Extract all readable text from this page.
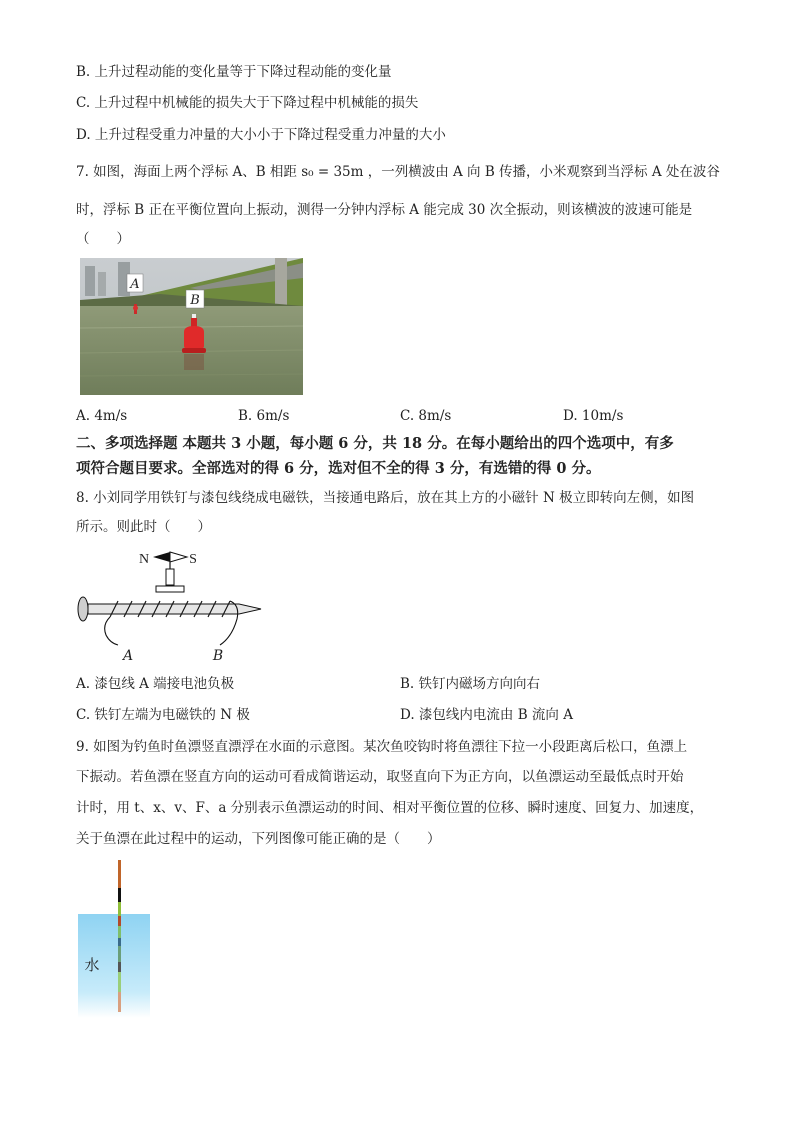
B. 上升过程动能的变化量等于下降过程动能的变化量
C. 上升过程中机械能的损失大于下降过程中机械能的损失
D. 上升过程受重力冲量的大小小于下降过程受重力冲量的大小
7. 如图，海面上两个浮标 A、B 相距 s₀ = 35m ，一列横波由 A 向 B 传播，小米观察到当浮标 A 处在波谷
时，浮标 B 正在平衡位置向上振动，测得一分钟内浮标 A 能完成 30 次全振动，则该横波的波速可能是
（　　）
A
B
A. 4m/s	B. 6m/s	C. 8m/s	D. 10m/s
二、多项选择题 本题共 3 小题，每小题 6 分，共 18 分。在每小题给出的四个选项中，有多
项符合题目要求。全部选对的得 6 分，选对但不全的得 3 分，有选错的得 0 分。
8. 小刘同学用铁钉与漆包线绕成电磁铁，当接通电路后，放在其上方的小磁针 N 极立即转向左侧，如图
所示。则此时（　　）
N	S
A	B
A. 漆包线 A 端接电池负极	B. 铁钉内磁场方向向右
C. 铁钉左端为电磁铁的 N 极	D. 漆包线内电流由 B 流向 A
9. 如图为钓鱼时鱼漂竖直漂浮在水面的示意图。某次鱼咬钩时将鱼漂往下拉一小段距离后松口，鱼漂上
下振动。若鱼漂在竖直方向的运动可看成简谐运动，取竖直向下为正方向，以鱼漂运动至最低点时开始
计时，用 t、x、v、F、a 分别表示鱼漂运动的时间、相对平衡位置的位移、瞬时速度、回复力、加速度，
关于鱼漂在此过程中的运动，下列图像可能正确的是（　　）
水
